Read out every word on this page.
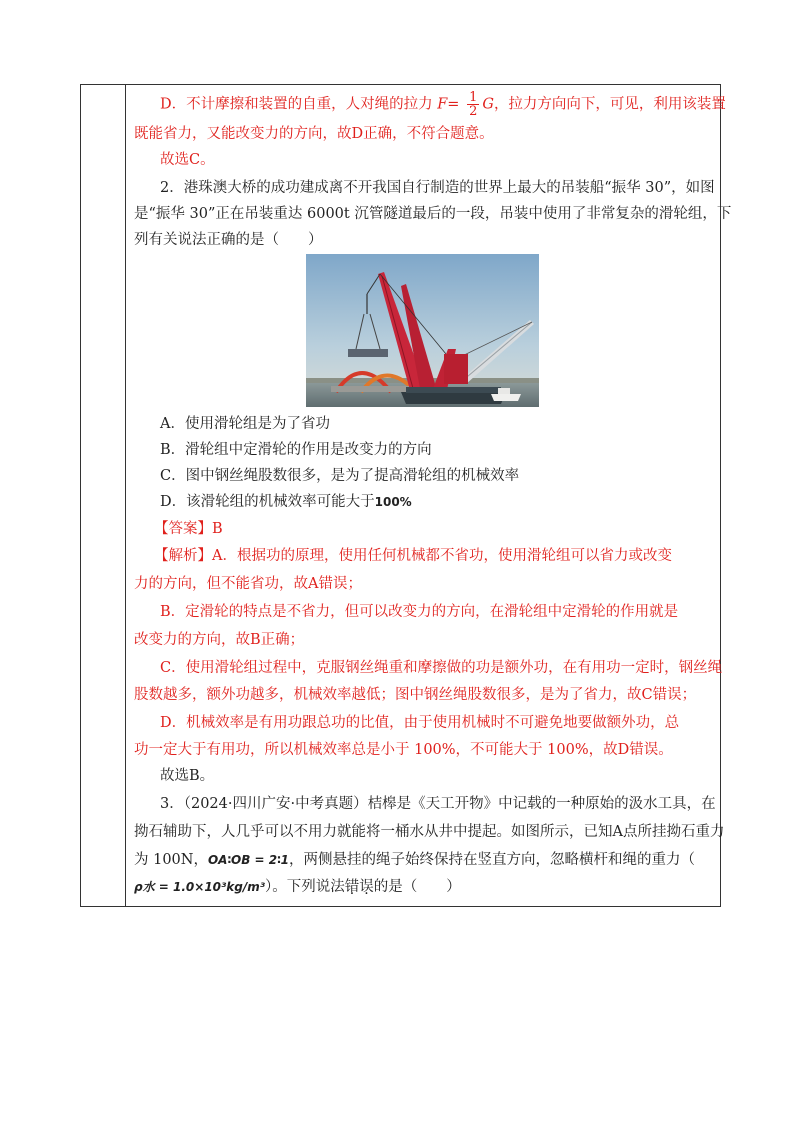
D．不计摩擦和装置的自重，人对绳的拉力 $F= \frac{1}{2}$ G，拉力方向向下，可见，利用该装置
既能省力，又能改变力的方向，故D正确，不符合题意。
故选C。
2．港珠澳大桥的成功建成离不开我国自行制造的世界上最大的吊装船“振华 30”，如图
是“振华 30”正在吊装重达 6000t 沉管隧道最后的一段，吊装中使用了非常复杂的滑轮组，下
列有关说法正确的是（　　）
A．使用滑轮组是为了省功
B．滑轮组中定滑轮的作用是改变力的方向
C．图中钢丝绳股数很多，是为了提高滑轮组的机械效率
D．该滑轮组的机械效率可能大于100%
【答案】B
【解析】A．根据功的原理，使用任何机械都不省功，使用滑轮组可以省力或改变
力的方向，但不能省功，故A错误；
B．定滑轮的特点是不省力，但可以改变力的方向，在滑轮组中定滑轮的作用就是
改变力的方向，故B正确；
C．使用滑轮组过程中，克服钢丝绳重和摩擦做的功是额外功，在有用功一定时，钢丝绳
股数越多，额外功越多，机械效率越低；图中钢丝绳股数很多，是为了省力，故C错误；
D．机械效率是有用功跟总功的比值，由于使用机械时不可避免地要做额外功，总
功一定大于有用功，所以机械效率总是小于 100%，不可能大于 100%，故D错误。
故选B。
3．（2024·四川广安·中考真题）桔槔是《天工开物》中记载的一种原始的汲水工具，在
拗石辅助下，人几乎可以不用力就能将一桶水从井中提起。如图所示，已知A点所挂拗石重力
为 100N，OA∶OB = 2∶1，两侧悬挂的绳子始终保持在竖直方向，忽略横杆和绳的重力（
ρ水 = 1.0×10³kg/m³）。下列说法错误的是（　　）
